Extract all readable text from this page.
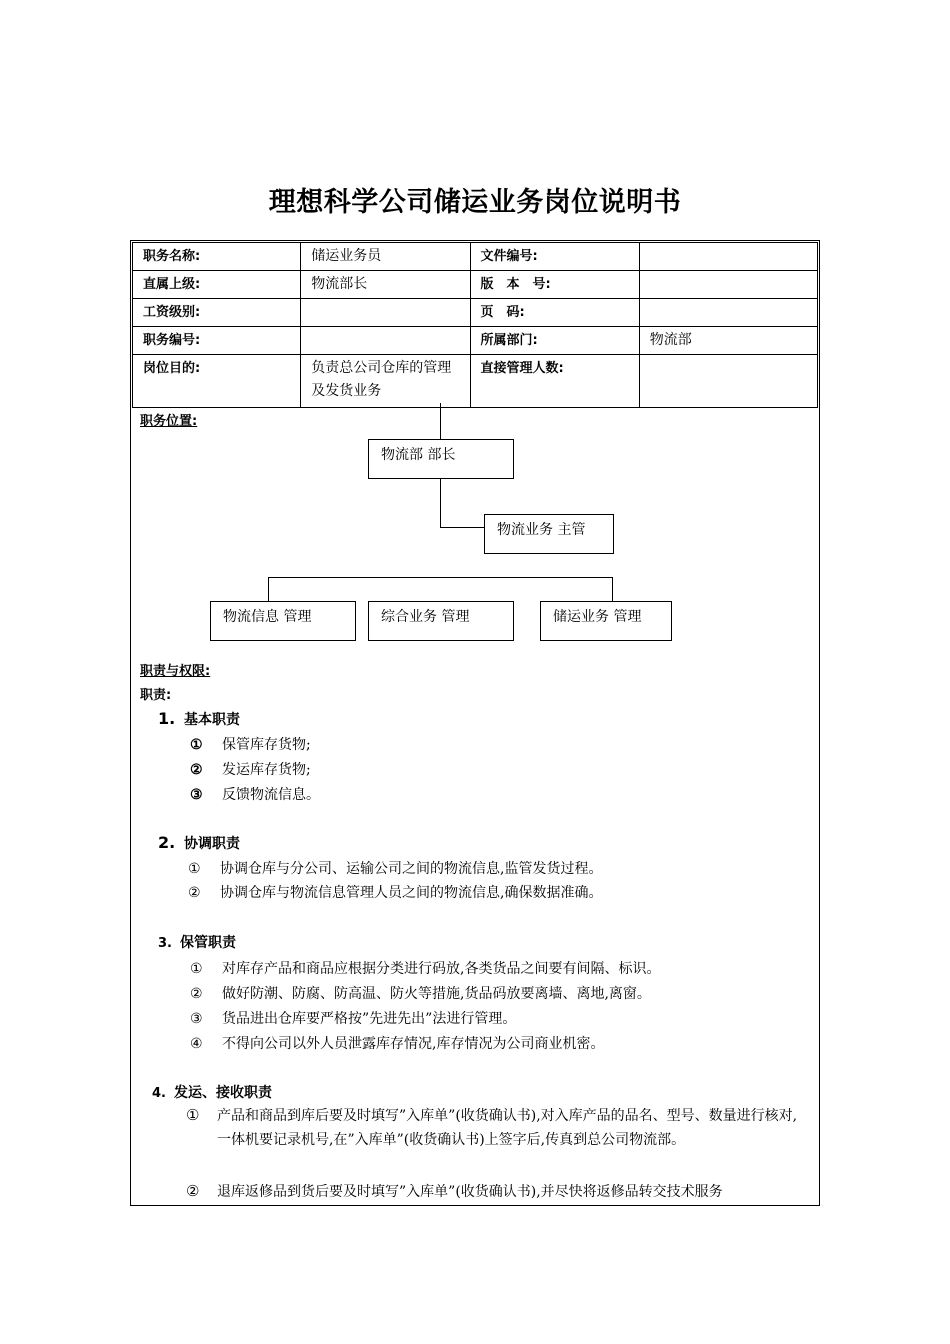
理想科学公司储运业务岗位说明书
职务名称:	储运业务员	文件编号:	
直属上级:	物流部长	版　本　号:	
工资级别:		页　码:	
职务编号:		所属部门:	物流部
岗位目的:	负责总公司仓库的管理及发货业务	直接管理人数:	
职务位置:
物流部 部长
物流业务 主管
物流信息 管理	综合业务 管理	储运业务 管理
职责与权限:
职责:
1. 基本职责
① 保管库存货物;
② 发运库存货物;
③ 反馈物流信息。
2. 协调职责
① 协调仓库与分公司、运输公司之间的物流信息,监管发货过程。
② 协调仓库与物流信息管理人员之间的物流信息,确保数据准确。
3. 保管职责
① 对库存产品和商品应根据分类进行码放,各类货品之间要有间隔、标识。
② 做好防潮、防腐、防高温、防火等措施,货品码放要离墙、离地,离窗。
③ 货品进出仓库要严格按”先进先出”法进行管理。
④ 不得向公司以外人员泄露库存情况,库存情况为公司商业机密。
4. 发运、接收职责
① 产品和商品到库后要及时填写”入库单”(收货确认书),对入库产品的品名、型号、数量进行核对,一体机要记录机号,在”入库单”(收货确认书)上签字后,传真到总公司物流部。
② 退库返修品到货后要及时填写”入库单”(收货确认书),并尽快将返修品转交技术服务
